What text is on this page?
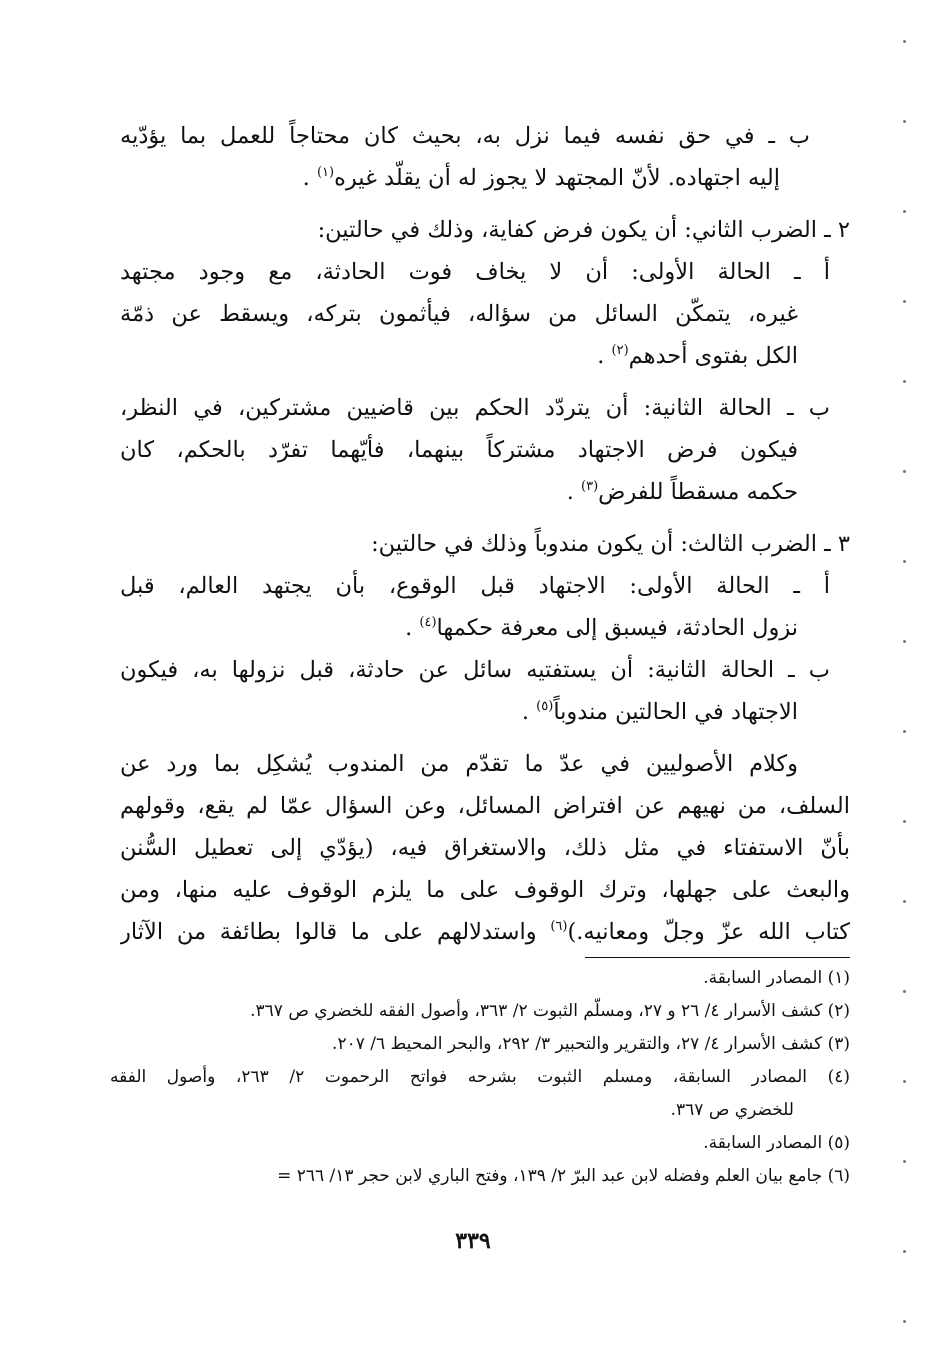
ب ـ في حق نفسه فيما نزل به، بحيث كان محتاجاً للعمل بما يؤدّيه
إليه اجتهاده. لأنّ المجتهد لا يجوز له أن يقلّد غيره$^{(١)}$ .
٢ ـ الضرب الثاني: أن يكون فرض كفاية، وذلك في حالتين:
أ ـ الحالة الأولى: أن لا يخاف فوت الحادثة، مع وجود مجتهد
غيره، يتمكّن السائل من سؤاله، فيأثمون بتركه، ويسقط عن ذمّة
الكل بفتوى أحدهم$^{(٢)}$ .
ب ـ الحالة الثانية: أن يتردّد الحكم بين قاضيين مشتركين، في النظر،
فيكون فرض الاجتهاد مشتركاً بينهما، فأيّهما تفرّد بالحكم، كان
حكمه مسقطاً للفرض$^{(٣)}$ .
٣ ـ الضرب الثالث: أن يكون مندوباً وذلك في حالتين:
أ ـ الحالة الأولى: الاجتهاد قبل الوقوع، بأن يجتهد العالم، قبل
نزول الحادثة، فيسبق إلى معرفة حكمها$^{(٤)}$ .
ب ـ الحالة الثانية: أن يستفتيه سائل عن حادثة، قبل نزولها به، فيكون
الاجتهاد في الحالتين مندوباً$^{(٥)}$ .
وكلام الأصوليين في عدّ ما تقدّم من المندوب يُشكِل بما ورد عن
السلف، من نهيهم عن افتراض المسائل، وعن السؤال عمّا لم يقع، وقولهم
بأنّ الاستفتاء في مثل ذلك، والاستغراق فيه، (يؤدّي إلى تعطيل السُّنن
والبعث على جهلها، وترك الوقوف على ما يلزم الوقوف عليه منها، ومن
كتاب الله عزّ وجلّ ومعانيه.)$^{(٦)}$ واستدلالهم على ما قالوا بطائفة من الآثار
(١) المصادر السابقة.
(٢) كشف الأسرار ٤/ ٢٦ و ٢٧، ومسلّم الثبوت ٢/ ٣٦٣، وأصول الفقه للخضري ص ٣٦٧.
(٣) كشف الأسرار ٤/ ٢٧، والتقرير والتحبير ٣/ ٢٩٢، والبحر المحيط ٦/ ٢٠٧.
(٤) المصادر السابقة، ومسلم الثبوت بشرحه فواتح الرحموت ٢/ ٢٦٣، وأصول الفقه
للخضري ص ٣٦٧.
(٥) المصادر السابقة.
(٦) جامع بيان العلم وفضله لابن عبد البرّ ٢/ ١٣٩، وفتح الباري لابن حجر ١٣/ ٢٦٦ =
٣٣٩
